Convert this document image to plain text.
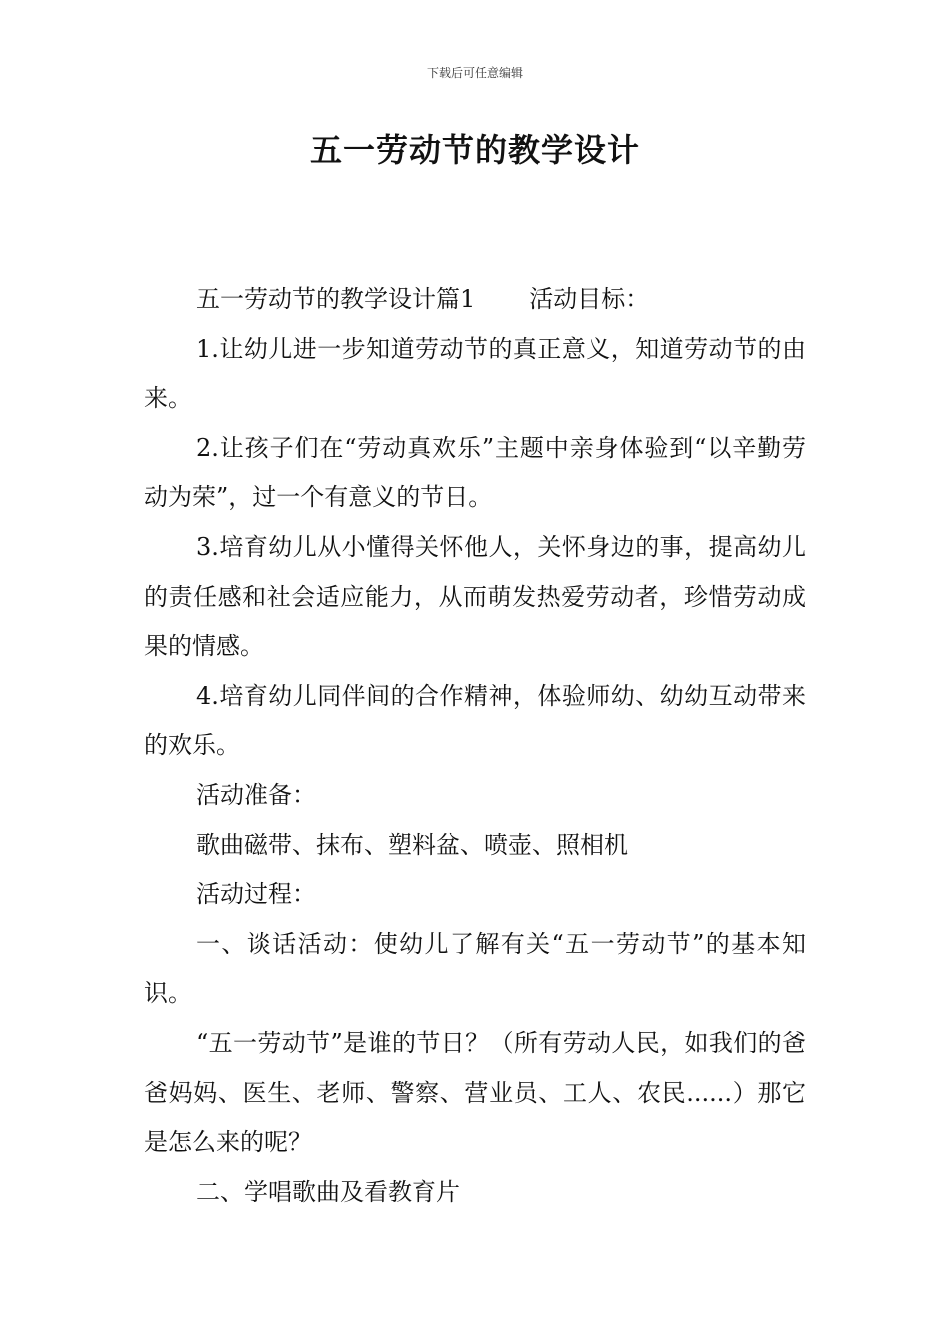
下载后可任意编辑
五一劳动节的教学设计

五一劳动节的教学设计篇1 活动目标：

1.让幼儿进一步知道劳动节的真正意义，知道劳动节的由来。

2.让孩子们在“劳动真欢乐”主题中亲身体验到“以辛勤劳动为荣”，过一个有意义的节日。

3.培育幼儿从小懂得关怀他人，关怀身边的事，提高幼儿的责任感和社会适应能力，从而萌发热爱劳动者，珍惜劳动成果的情感。

4.培育幼儿同伴间的合作精神，体验师幼、幼幼互动带来的欢乐。

活动准备：

歌曲磁带、抹布、塑料盆、喷壶、照相机

活动过程：

一、谈话活动：使幼儿了解有关“五一劳动节”的基本知识。

“五一劳动节”是谁的节日？（所有劳动人民，如我们的爸爸妈妈、医生、老师、警察、营业员、工人、农民......）那它是怎么来的呢？

二、学唱歌曲及看教育片
